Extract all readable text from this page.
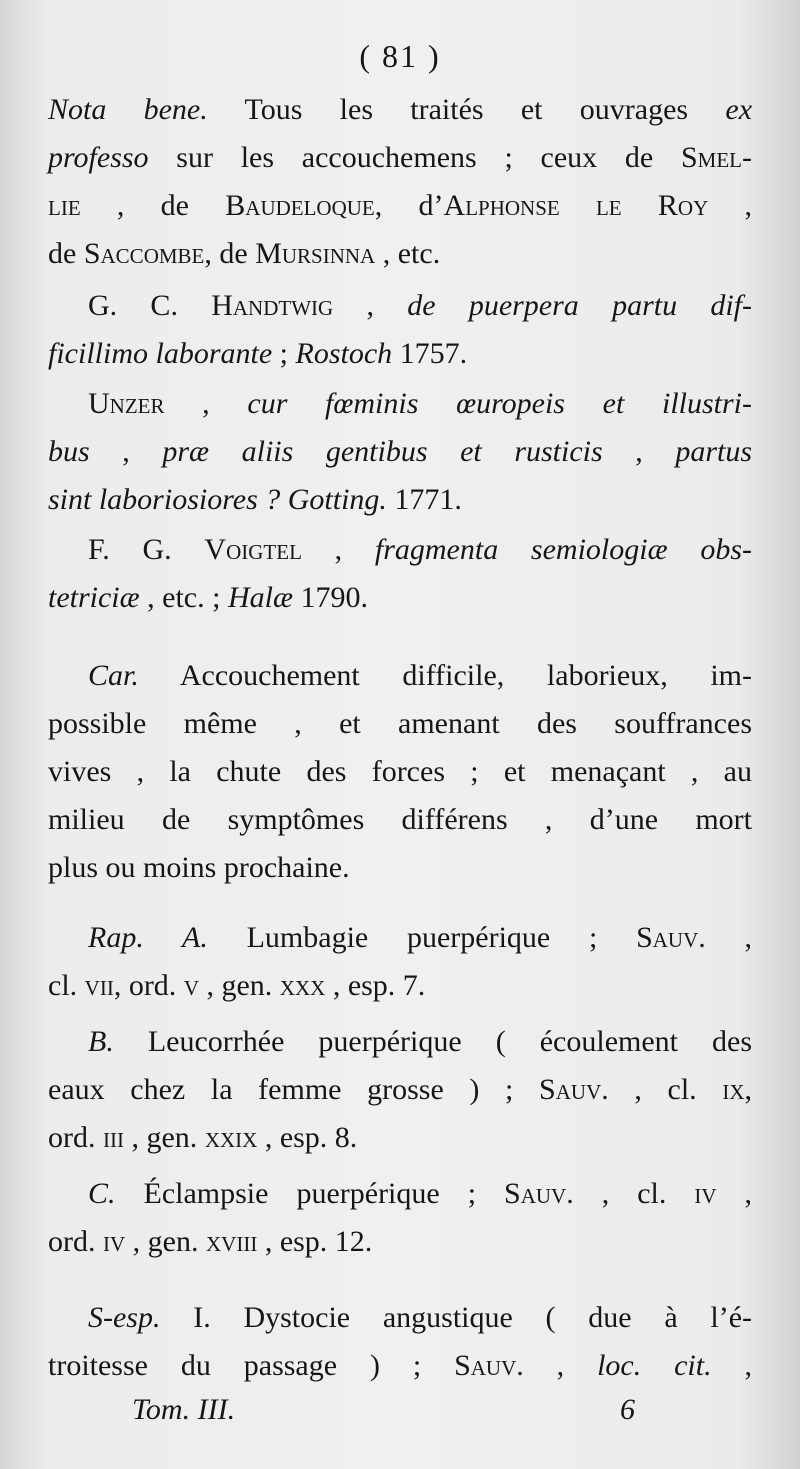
( 81 )
Nota bene. Tous les traités et ouvrages ex
professo sur les accouchemens ; ceux de Smel-
lie , de Baudeloque, d’Alphonse le Roy ,
de Saccombe, de Mursinna , etc.
G. C. Handtwig , de puerpera partu dif-
ficillimo laborante ; Rostoch 1757.
Unzer , cur fœminis œuropeis et illustri-
bus , præ aliis gentibus et rusticis , partus
sint laboriosiores ? Gotting. 1771.
F. G. Voigtel , fragmenta semiologiæ obs-
tetriciæ , etc. ; Halæ 1790.
Car. Accouchement difficile, laborieux, im-
possible même , et amenant des souffrances
vives , la chute des forces ; et menaçant , au
milieu de symptômes différens , d’une mort
plus ou moins prochaine.
Rap. A. Lumbagie puerpérique ; Sauv. ,
cl. vii, ord. v , gen. xxx , esp. 7.
B. Leucorrhée puerpérique ( écoulement des
eaux chez la femme grosse ) ; Sauv. , cl. ix,
ord. iii , gen. xxix , esp. 8.
C. Éclampsie puerpérique ; Sauv. , cl. iv ,
ord. iv , gen. xviii , esp. 12.
S-esp. I. Dystocie angustique ( due à l’é-
troitesse du passage ) ; Sauv. , loc. cit. ,
Tom. III.	6
